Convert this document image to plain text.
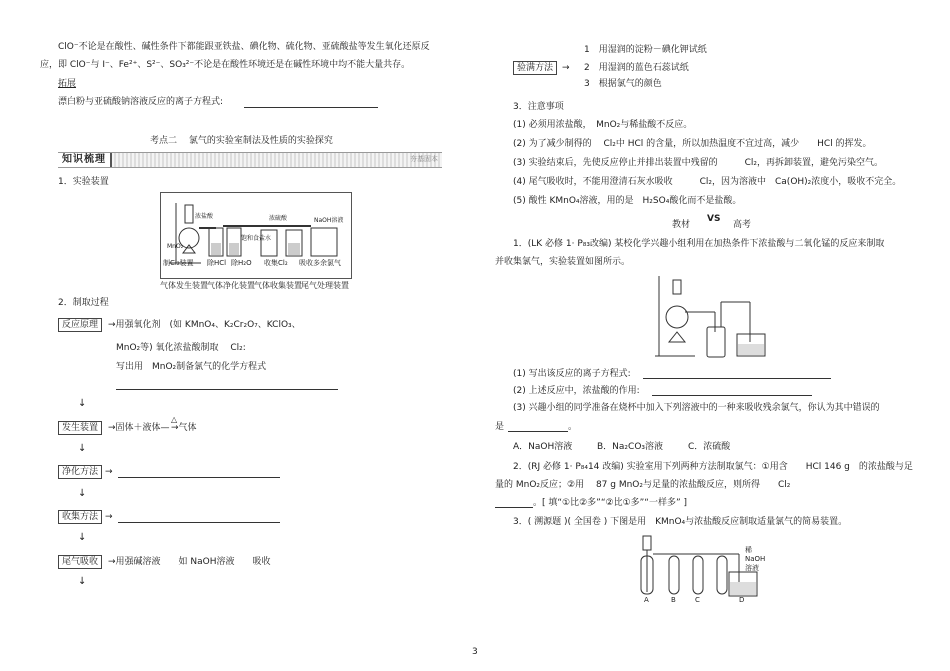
ClO⁻不论是在酸性、碱性条件下都能跟亚铁盐、碘化物、硫化物、亚硫酸盐等发生氧化还原反
应，即 ClO⁻与 I⁻、Fe²⁺、S²⁻、SO₃²⁻不论是在酸性环境还是在碱性环境中均不能大量共存。
拓展
漂白粉与亚硫酸钠溶液反应的离子方程式:
考点二　 氯气的实验室制法及性质的实验探究
知识梳理	夯基固本
1．实验装置
制Cl₂装置 除HCl 除H₂O 收集Cl₂ 吸收多余氯气
浓盐酸
饱和食盐水
浓硫酸	NaOH溶液
MnO₂
气体发生装置 气体净化装置 气体收集装置 尾气处理装置
2．制取过程
反应原理	→用强氧化剂　(如 KMnO₄、K₂Cr₂O₇、KClO₃、
MnO₂等) 氧化浓盐酸制取　 Cl₂:
写出用　MnO₂制备氯气的化学方程式
↓
发生装置	→固体＋液体—
△
→气体
↓
净化方法 →
↓
收集方法 →
↓
尾气吸收	→用强碱溶液　　如 NaOH溶液　　吸收
↓
验满方法 →
1　用湿润的淀粉－碘化钾试纸
2　用湿润的蓝色石蕊试纸
3　根据氯气的颜色
3．注意事项
(1) 必须用浓盐酸，　MnO₂与稀盐酸不反应。
(2) 为了减少制得的　 Cl₂中 HCl 的含量，所以加热温度不宜过高，减少　　HCl 的挥发。
(3) 实验结束后，先使反应停止并排出装置中残留的　　　Cl₂，再拆卸装置，避免污染空气。
(4) 尾气吸收时，不能用澄清石灰水吸收　　　Cl₂，因为溶液中　Ca(OH)₂浓度小，吸收不完全。
(5) 酸性 KMnO₄溶液，用的是　H₂SO₄酸化而不是盐酸。
教材
VS
高考
1．(LK 必修 1· P₈₃改编) 某校化学兴趣小组利用在加热条件下浓盐酸与二氧化锰的反应来制取
并收集氯气，实验装置如图所示。
(1) 写出该反应的离子方程式:
(2) 上述反应中，浓盐酸的作用:
(3) 兴趣小组的同学准备在烧杯中加入下列溶液中的一种来吸收残余氯气，你认为其中错误的
是	。
A．NaOH溶液	B．Na₂CO₃溶液	C．浓硫酸
2．(RJ 必修 1· P₈₄14 改编) 实验室用下列两种方法制取氯气：①用含　　HCl 146 g　的浓盐酸与足
量的 MnO₂反应；②用　 87 g MnO₂与足量的浓盐酸反应，则所得　　Cl₂
。[ 填“①比②多”“②比①多”“一样多” ]
3．( 溯源题 )( 全国卷 ) 下图是用　KMnO₄与浓盐酸反应制取适量氯气的简易装置。
A	B	C	D
稀NaOH溶液
3
